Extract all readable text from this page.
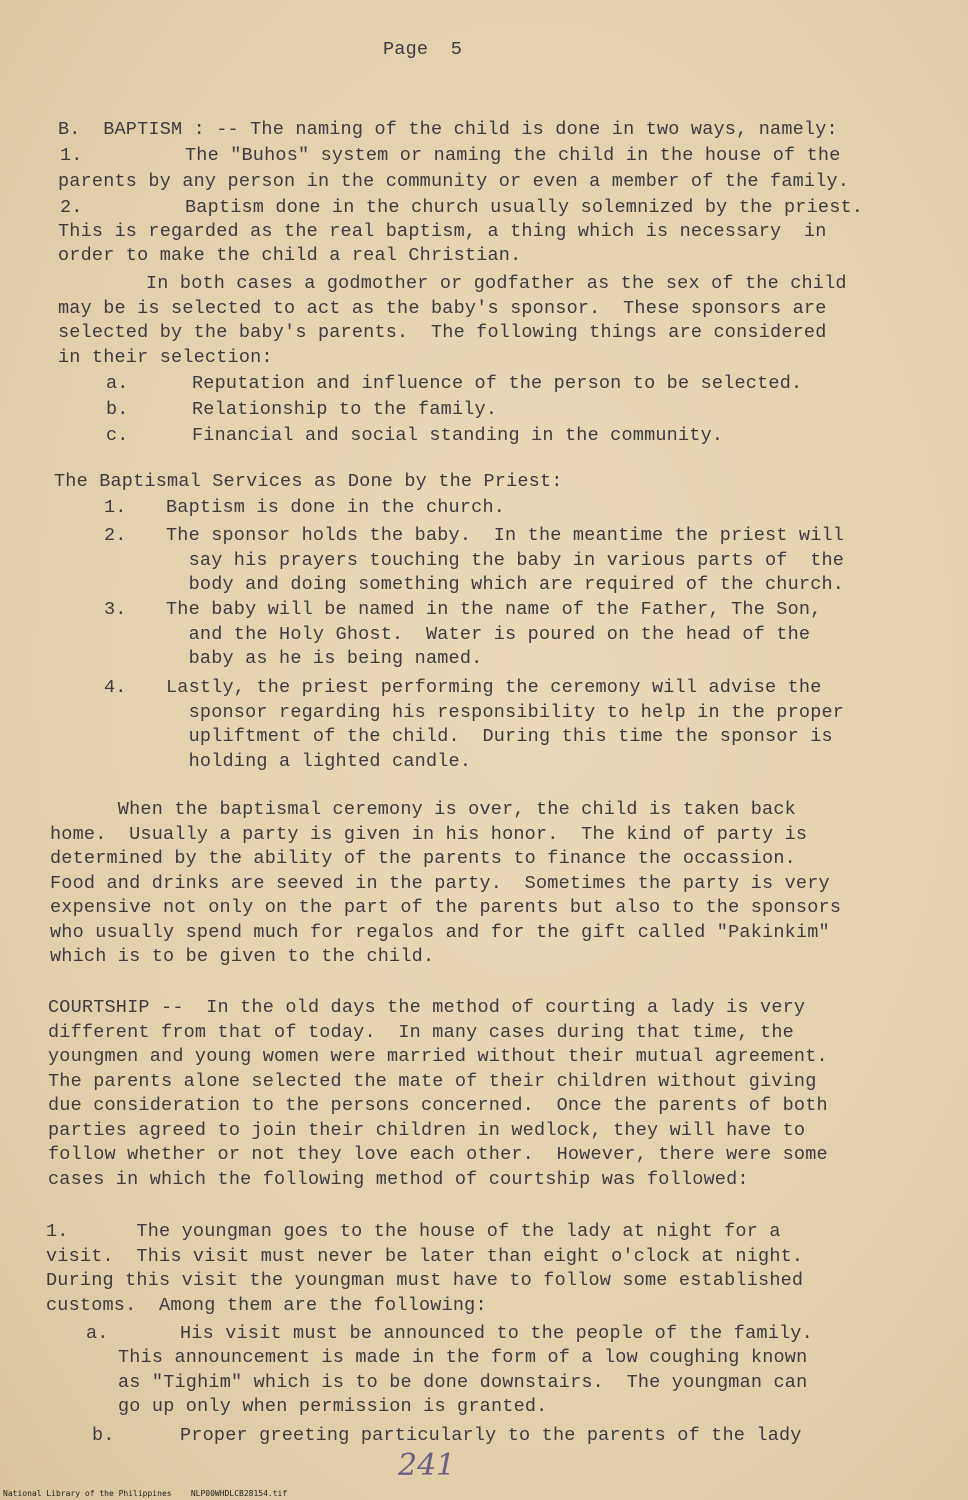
Page  5
B.  BAPTISM : -- The naming of the child is done in two ways, namely:
1.	The "Buhos" system or naming the child in the house of the
parents by any person in the community or even a member of the family.
2.	Baptism done in the church usually solemnized by the priest.
This is regarded as the real baptism, a thing which is necessary  in
order to make the child a real Christian.
In both cases a godmother or godfather as the sex of the child
may be is selected to act as the baby's sponsor.  These sponsors are
selected by the baby's parents.  The following things are considered
in their selection:
a.	Reputation and influence of the person to be selected.
b.	Relationship to the family.
c.	Financial and social standing in the community.
The Baptismal Services as Done by the Priest:
1. Baptism is done in the church.
2. The sponsor holds the baby.  In the meantime the priest will
say his prayers touching the baby in various parts of  the
body and doing something which are required of the church.
3. The baby will be named in the name of the Father, The Son,
and the Holy Ghost.  Water is poured on the head of the
baby as he is being named.
4. Lastly, the priest performing the ceremony will advise the
sponsor regarding his responsibility to help in the proper
upliftment of the child.  During this time the sponsor is
holding a lighted candle.
When the baptismal ceremony is over, the child is taken back
home.  Usually a party is given in his honor.  The kind of party is
determined by the ability of the parents to finance the occassion.
Food and drinks are seeved in the party.  Sometimes the party is very
expensive not only on the part of the parents but also to the sponsors
who usually spend much for regalos and for the gift called "Pakinkim"
which is to be given to the child.
COURTSHIP --  In the old days the method of courting a lady is very
different from that of today.  In many cases during that time, the
youngmen and young women were married without their mutual agreement.
The parents alone selected the mate of their children without giving
due consideration to the persons concerned.  Once the parents of both
parties agreed to join their children in wedlock, they will have to
follow whether or not they love each other.  However, there were some
cases in which the following method of courtship was followed:
1.      The youngman goes to the house of the lady at night for a
visit.  This visit must never be later than eight o'clock at night.
During this visit the youngman must have to follow some established
customs.  Among them are the following:
a.	His visit must be announced to the people of the family.
This announcement is made in the form of a low coughing known
as "Tighim" which is to be done downstairs.  The youngman can
go up only when permission is granted.
b.	Proper greeting particularly to the parents of the lady
241
National Library of the Philippines    NLP00WHDLCB28154.tif
